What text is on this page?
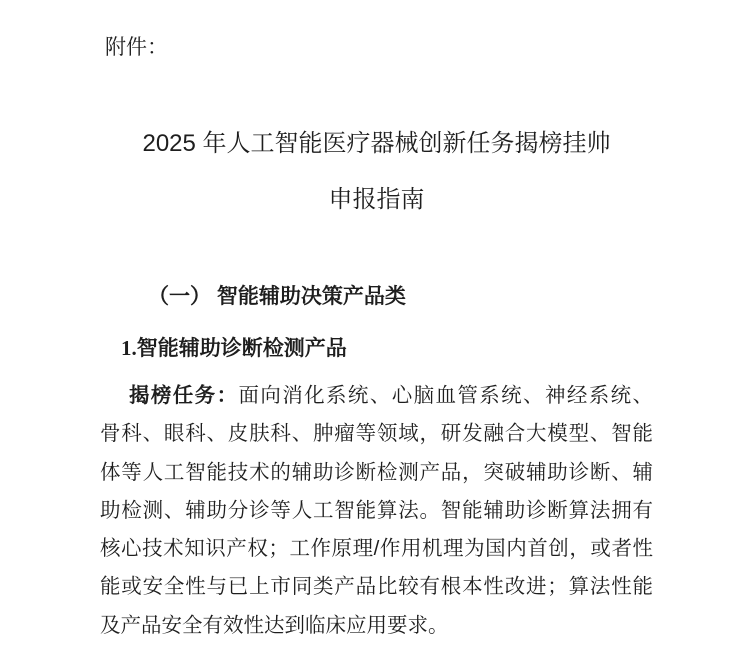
附件：
2025 年人工智能医疗器械创新任务揭榜挂帅
申报指南
（一） 智能辅助决策产品类
1.智能辅助诊断检测产品
揭榜任务：面向消化系统、心脑血管系统、神经系统、
骨科、眼科、皮肤科、肿瘤等领域，研发融合大模型、智能
体等人工智能技术的辅助诊断检测产品，突破辅助诊断、辅
助检测、辅助分诊等人工智能算法。智能辅助诊断算法拥有
核心技术知识产权；工作原理/作用机理为国内首创，或者性
能或安全性与已上市同类产品比较有根本性改进；算法性能
及产品安全有效性达到临床应用要求。
